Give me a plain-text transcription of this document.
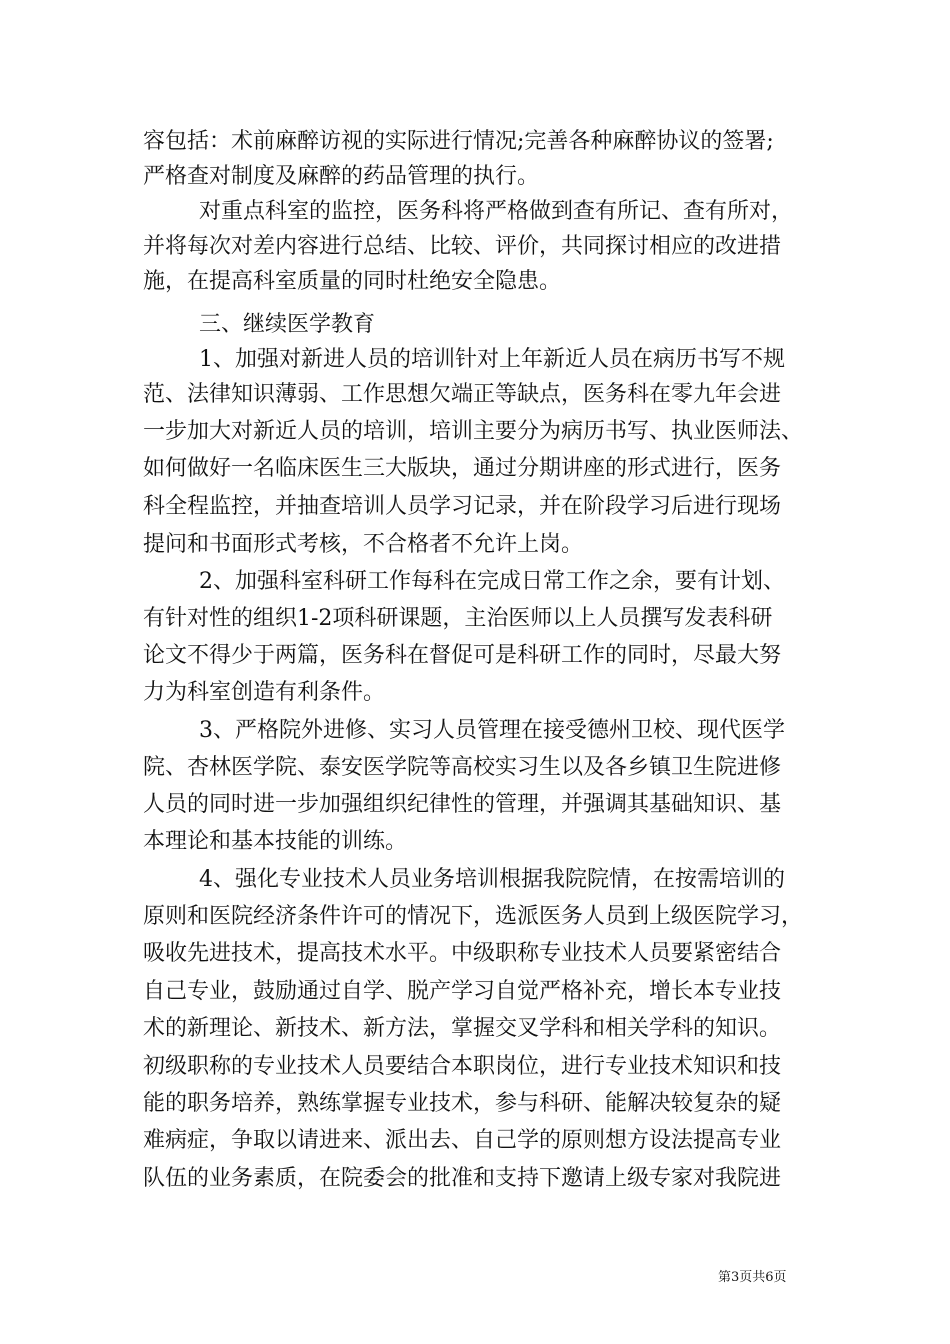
容包括：术前麻醉访视的实际进行情况;完善各种麻醉协议的签署;
严格查对制度及麻醉的药品管理的执行。
对重点科室的监控，医务科将严格做到查有所记、查有所对，
并将每次对差内容进行总结、比较、评价，共同探讨相应的改进措
施，在提高科室质量的同时杜绝安全隐患。
三、继续医学教育
1、加强对新进人员的培训针对上年新近人员在病历书写不规
范、法律知识薄弱、工作思想欠端正等缺点，医务科在零九年会进
一步加大对新近人员的培训，培训主要分为病历书写、执业医师法、
如何做好一名临床医生三大版块，通过分期讲座的形式进行，医务
科全程监控，并抽查培训人员学习记录，并在阶段学习后进行现场
提问和书面形式考核，不合格者不允许上岗。
2、加强科室科研工作每科在完成日常工作之余，要有计划、
有针对性的组织1-2项科研课题，主治医师以上人员撰写发表科研
论文不得少于两篇，医务科在督促可是科研工作的同时，尽最大努
力为科室创造有利条件。
3、严格院外进修、实习人员管理在接受德州卫校、现代医学
院、杏林医学院、泰安医学院等高校实习生以及各乡镇卫生院进修
人员的同时进一步加强组织纪律性的管理，并强调其基础知识、基
本理论和基本技能的训练。
4、强化专业技术人员业务培训根据我院院情，在按需培训的
原则和医院经济条件许可的情况下，选派医务人员到上级医院学习，
吸收先进技术，提高技术水平。中级职称专业技术人员要紧密结合
自己专业，鼓励通过自学、脱产学习自觉严格补充，增长本专业技
术的新理论、新技术、新方法，掌握交叉学科和相关学科的知识。
初级职称的专业技术人员要结合本职岗位，进行专业技术知识和技
能的职务培养，熟练掌握专业技术，参与科研、能解决较复杂的疑
难病症，争取以请进来、派出去、自己学的原则想方设法提高专业
队伍的业务素质，在院委会的批准和支持下邀请上级专家对我院进
第3页共6页
